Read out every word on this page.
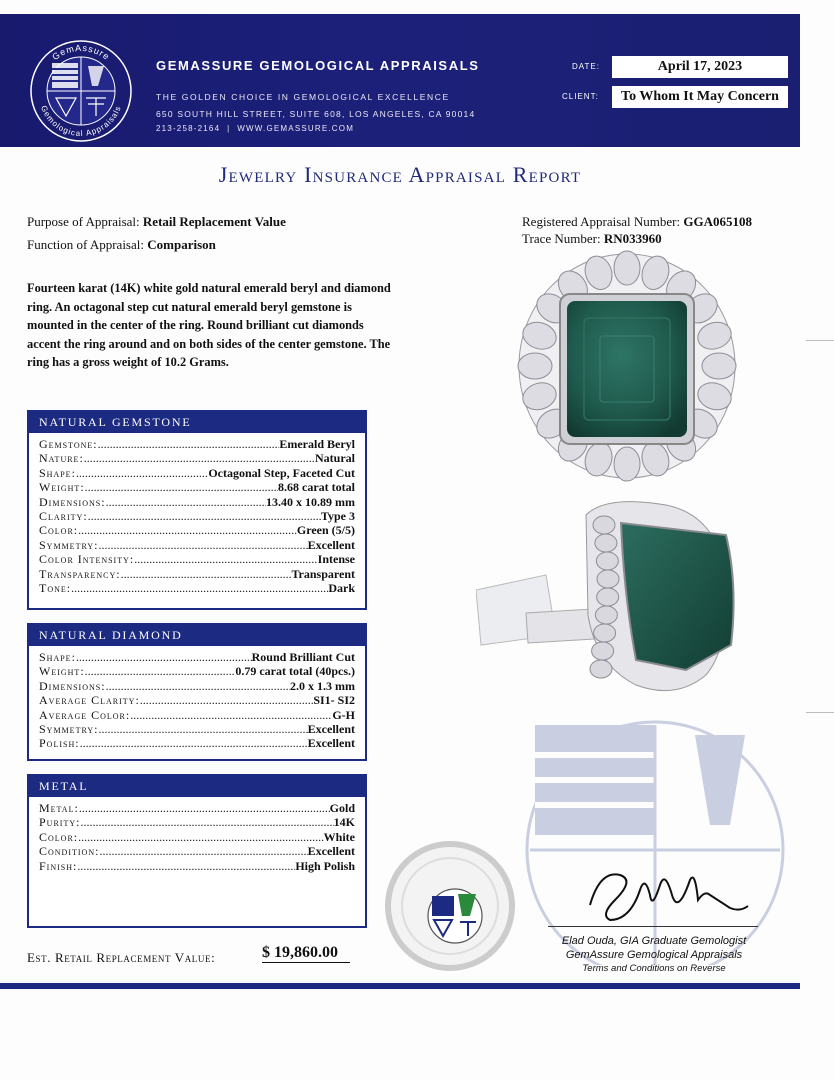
GemAssure
Gemological Appraisals
GEMASSURE GEMOLOGICAL APPRAISALS
THE GOLDEN CHOICE IN GEMOLOGICAL EXCELLENCE
650 SOUTH HILL STREET, SUITE 608, LOS ANGELES, CA 90014
213-258-2164 | WWW.GEMASSURE.COM
DATE:	April 17, 2023
CLIENT:	To Whom It May Concern
Jewelry Insurance Appraisal Report
Purpose of Appraisal: Retail Replacement Value
Function of Appraisal: Comparison
Registered Appraisal Number: GGA065108
Trace Number: RN033960
Fourteen karat (14K) white gold natural emerald beryl and diamond ring. An octagonal step cut natural emerald beryl gemstone is mounted in the center of the ring. Round brilliant cut diamonds accent the ring around and on both sides of the center gemstone. The ring has a gross weight of 10.2 Grams.
NATURAL GEMSTONE
Gemstone: .....	Emerald Beryl
Nature: .....	Natural
Shape: .....	Octagonal Step, Faceted Cut
Weight: .....	8.68 carat total
Dimensions: .....	13.40 x 10.89 mm
Clarity: .....	Type 3
Color: .....	Green (5/5)
Symmetry: .....	Excellent
Color Intensity: .....	Intense
Transparency: .....	Transparent
Tone: .....	Dark
NATURAL DIAMOND
Shape: .....	Round Brilliant Cut
Weight: .....	0.79 carat total (40pcs.)
Dimensions: .....	2.0 x 1.3 mm
Average Clarity: .....	SI1- SI2
Average Color: .....	G-H
Symmetry: .....	Excellent
Polish: .....	Excellent
METAL
Metal: .....	Gold
Purity: .....	14K
Color: .....	White
Condition: .....	Excellent
Finish: .....	High Polish
Elad Ouda, GIA Graduate Gemologist
GemAssure Gemological Appraisals
Terms and Conditions on Reverse
Est. Retail Replacement Value:	$ 19,860.00
